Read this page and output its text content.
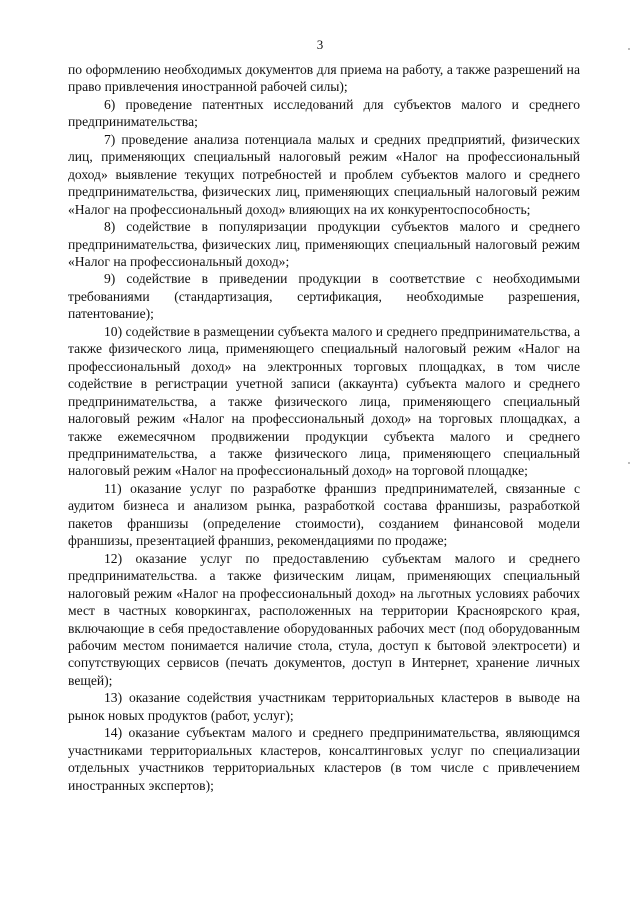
3

по оформлению необходимых документов для приема на работу, а также разрешений на право привлечения иностранной рабочей силы);

6) проведение патентных исследований для субъектов малого и среднего предпринимательства;

7) проведение анализа потенциала малых и средних предприятий, физических лиц, применяющих специальный налоговый режим «Налог на профессиональный доход» выявление текущих потребностей и проблем субъектов малого и среднего предпринимательства, физических лиц, применяющих специальный налоговый режим «Налог на профессиональный доход» влияющих на их конкурентоспособность;

8) содействие в популяризации продукции субъектов малого и среднего предпринимательства, физических лиц, применяющих специальный налоговый режим «Налог на профессиональный доход»;

9) содействие в приведении продукции в соответствие с необходимыми требованиями (стандартизация, сертификация, необходимые разрешения, патентование);

10) содействие в размещении субъекта малого и среднего предпринимательства, а также физического лица, применяющего специальный налоговый режим «Налог на профессиональный доход» на электронных торговых площадках, в том числе содействие в регистрации учетной записи (аккаунта) субъекта малого и среднего предпринимательства, а также физического лица, применяющего специальный налоговый режим «Налог на профессиональный доход» на торговых площадках, а также ежемесячном продвижении продукции субъекта малого и среднего предпринимательства, а также физического лица, применяющего специальный налоговый режим «Налог на профессиональный доход» на торговой площадке;

11) оказание услуг по разработке франшиз предпринимателей, связанные с аудитом бизнеса и анализом рынка, разработкой состава франшизы, разработкой пакетов франшизы (определение стоимости), созданием финансовой модели франшизы, презентацией франшиз, рекомендациями по продаже;

12) оказание услуг по предоставлению субъектам малого и среднего предпринимательства. а также физическим лицам, применяющих специальный налоговый режим «Налог на профессиональный доход» на льготных условиях рабочих мест в частных коворкингах, расположенных на территории Красноярского края, включающие в себя предоставление оборудованных рабочих мест (под оборудованным рабочим местом понимается наличие стола, стула, доступ к бытовой электросети) и сопутствующих сервисов (печать документов, доступ в Интернет, хранение личных вещей);

13) оказание содействия участникам территориальных кластеров в выводе на рынок новых продуктов (работ, услуг);

14) оказание субъектам малого и среднего предпринимательства, являющимся участниками территориальных кластеров, консалтинговых услуг по специализации отдельных участников территориальных кластеров (в том числе с привлечением иностранных экспертов);
